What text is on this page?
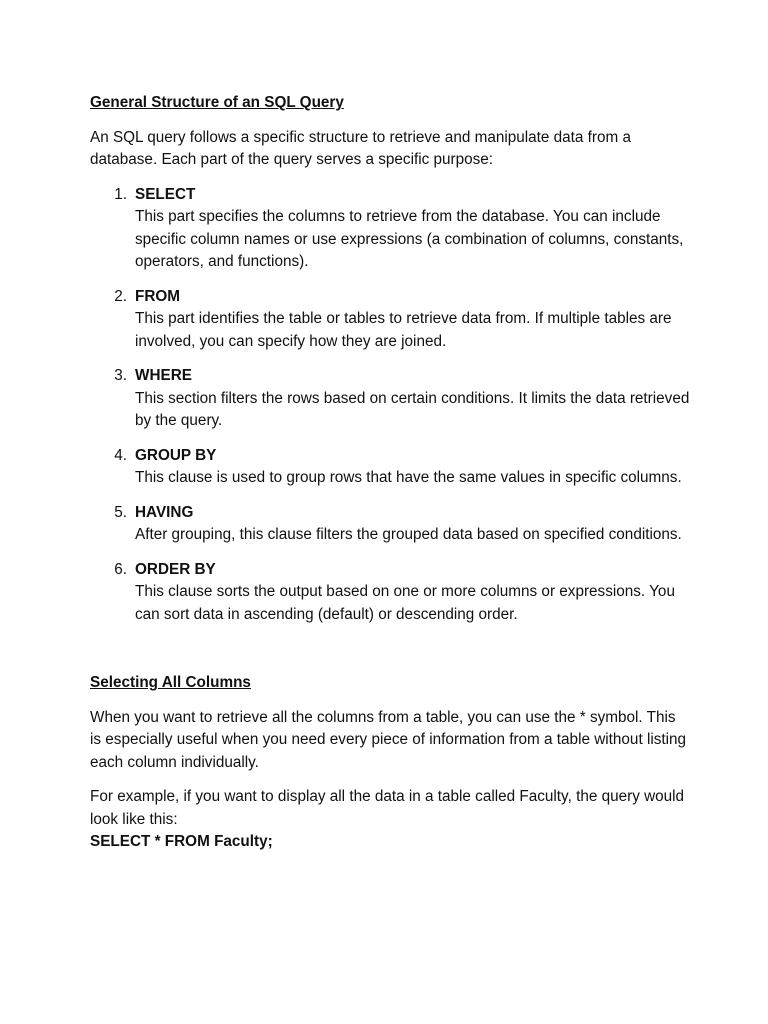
General Structure of an SQL Query

An SQL query follows a specific structure to retrieve and manipulate data from a database. Each part of the query serves a specific purpose:

1. SELECT
This part specifies the columns to retrieve from the database. You can include specific column names or use expressions (a combination of columns, constants, operators, and functions).
2. FROM
This part identifies the table or tables to retrieve data from. If multiple tables are involved, you can specify how they are joined.
3. WHERE
This section filters the rows based on certain conditions. It limits the data retrieved by the query.
4. GROUP BY
This clause is used to group rows that have the same values in specific columns.
5. HAVING
After grouping, this clause filters the grouped data based on specified conditions.
6. ORDER BY
This clause sorts the output based on one or more columns or expressions. You can sort data in ascending (default) or descending order.

Selecting All Columns

When you want to retrieve all the columns from a table, you can use the * symbol. This is especially useful when you need every piece of information from a table without listing each column individually.

For example, if you want to display all the data in a table called Faculty, the query would look like this:
SELECT * FROM Faculty;
